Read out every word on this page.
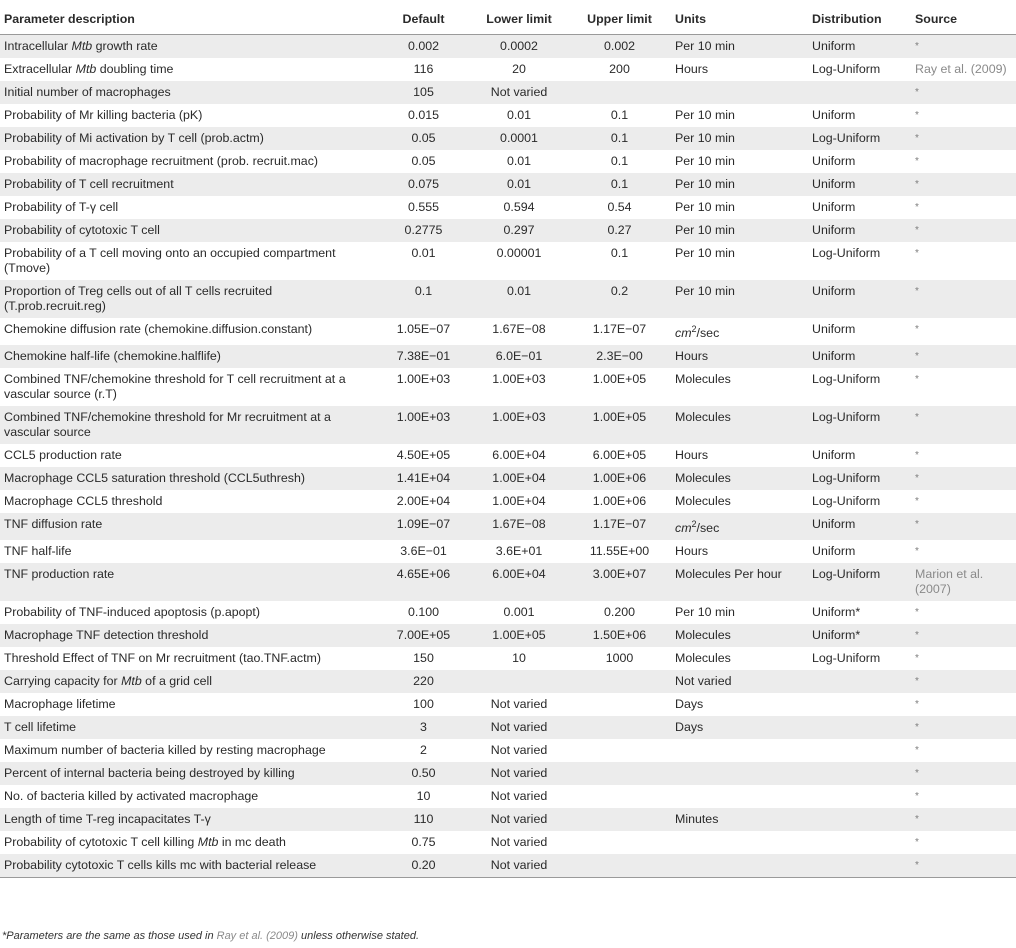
Parameter description	Default	Lower limit	Upper limit	Units	Distribution	Source
Intracellular Mtb growth rate	0.002	0.0002	0.002	Per 10 min	Uniform	*
Extracellular Mtb doubling time	116	20	200	Hours	Log-Uniform	Ray et al. (2009)
Initial number of macrophages	105	Not varied				*
Probability of Mr killing bacteria (pK)	0.015	0.01	0.1	Per 10 min	Uniform	*
Probability of Mi activation by T cell (prob.actm)	0.05	0.0001	0.1	Per 10 min	Log-Uniform	*
Probability of macrophage recruitment (prob. recruit.mac)	0.05	0.01	0.1	Per 10 min	Uniform	*
Probability of T cell recruitment	0.075	0.01	0.1	Per 10 min	Uniform	*
Probability of T-γ cell	0.555	0.594	0.54	Per 10 min	Uniform	*
Probability of cytotoxic T cell	0.2775	0.297	0.27	Per 10 min	Uniform	*
Probability of a T cell moving onto an occupied compartment (Tmove)	0.01	0.00001	0.1	Per 10 min	Log-Uniform	*
Proportion of Treg cells out of all T cells recruited (T.prob.recruit.reg)	0.1	0.01	0.2	Per 10 min	Uniform	*
Chemokine diffusion rate (chemokine.diffusion.constant)	1.05E−07	1.67E−08	1.17E−07	$cm^2/\sec$	Uniform	*
Chemokine half-life (chemokine.halflife)	7.38E−01	6.0E−01	2.3E−00	Hours	Uniform	*
Combined TNF/chemokine threshold for T cell recruitment at a vascular source (r.T)	1.00E+03	1.00E+03	1.00E+05	Molecules	Log-Uniform	*
Combined TNF/chemokine threshold for Mr recruitment at a vascular source	1.00E+03	1.00E+03	1.00E+05	Molecules	Log-Uniform	*
CCL5 production rate	4.50E+05	6.00E+04	6.00E+05	Hours	Uniform	*
Macrophage CCL5 saturation threshold (CCL5uthresh)	1.41E+04	1.00E+04	1.00E+06	Molecules	Log-Uniform	*
Macrophage CCL5 threshold	2.00E+04	1.00E+04	1.00E+06	Molecules	Log-Uniform	*
TNF diffusion rate	1.09E−07	1.67E−08	1.17E−07	$cm^2/\sec$	Uniform	*
TNF half-life	3.6E−01	3.6E+01	11.55E+00	Hours	Uniform	*
TNF production rate	4.65E+06	6.00E+04	3.00E+07	Molecules Per hour	Log-Uniform	Marion et al. (2007)
Probability of TNF-induced apoptosis (p.apopt)	0.100	0.001	0.200	Per 10 min	Uniform*	*
Macrophage TNF detection threshold	7.00E+05	1.00E+05	1.50E+06	Molecules	Uniform*	*
Threshold Effect of TNF on Mr recruitment (tao.TNF.actm)	150	10	1000	Molecules	Log-Uniform	*
Carrying capacity for Mtb of a grid cell	220			Not varied		*
Macrophage lifetime	100	Not varied		Days		*
T cell lifetime	3	Not varied		Days		*
Maximum number of bacteria killed by resting macrophage	2	Not varied				*
Percent of internal bacteria being destroyed by killing	0.50	Not varied				*
No. of bacteria killed by activated macrophage	10	Not varied				*
Length of time T-reg incapacitates T-γ	110	Not varied		Minutes		*
Probability of cytotoxic T cell killing Mtb in mc death	0.75	Not varied				*
Probability cytotoxic T cells kills mc with bacterial release	0.20	Not varied				*
*Parameters are the same as those used in Ray et al. (2009) unless otherwise stated.
